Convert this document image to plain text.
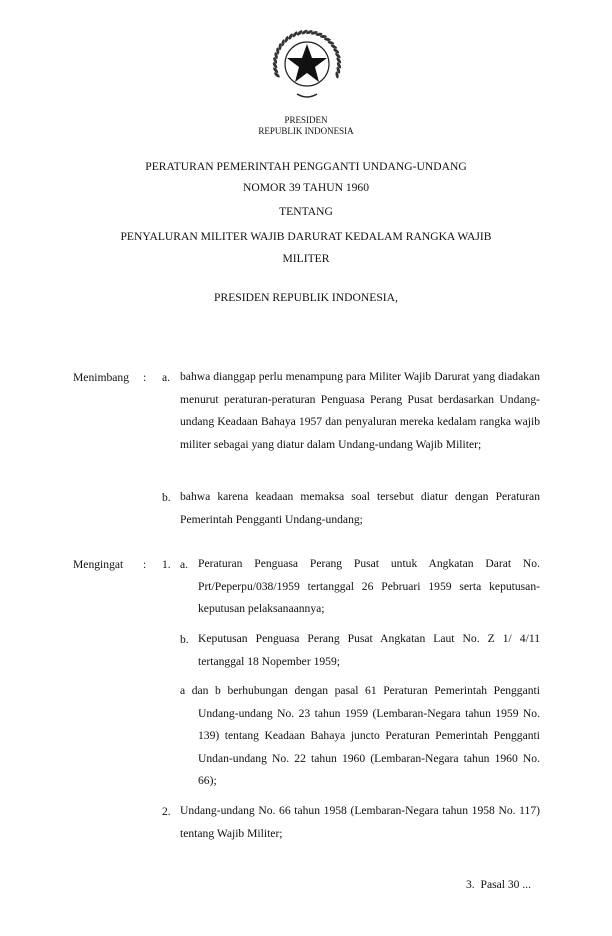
PRESIDEN
REPUBLIK INDONESIA
PERATURAN PEMERINTAH PENGGANTI UNDANG-UNDANG
NOMOR 39 TAHUN 1960
TENTANG
PENYALURAN MILITER WAJIB DARURAT KEDALAM RANGKA WAJIB
MILITER
PRESIDEN REPUBLIK INDONESIA,
Menimbang : a. bahwa dianggap perlu menampung para Militer Wajib Darurat yang diadakan menurut peraturan-peraturan Penguasa Perang Pusat berdasarkan Undang-undang Keadaan Bahaya 1957 dan penyaluran mereka kedalam rangka wajib militer sebagai yang diatur dalam Undang-undang Wajib Militer;
b. bahwa karena keadaan memaksa soal tersebut diatur dengan Peraturan Pemerintah Pengganti Undang-undang;
Mengingat : 1. a. Peraturan Penguasa Perang Pusat untuk Angkatan Darat No. Prt/Peperpu/038/1959 tertanggal 26 Pebruari 1959 serta keputusan-keputusan pelaksanaannya;
b. Keputusan Penguasa Perang Pusat Angkatan Laut No. Z 1/ 4/11 tertanggal 18 Nopember 1959;
a dan b berhubungan dengan pasal 61 Peraturan Pemerintah Pengganti Undang-undang No. 23 tahun 1959 (Lembaran-Negara tahun 1959 No. 139) tentang Keadaan Bahaya juncto Peraturan Pemerintah Pengganti Undan-undang No. 22 tahun 1960 (Lembaran-Negara tahun 1960 No. 66);
2. Undang-undang No. 66 tahun 1958 (Lembaran-Negara tahun 1958 No. 117) tentang Wajib Militer;
3.  Pasal 30 ...
